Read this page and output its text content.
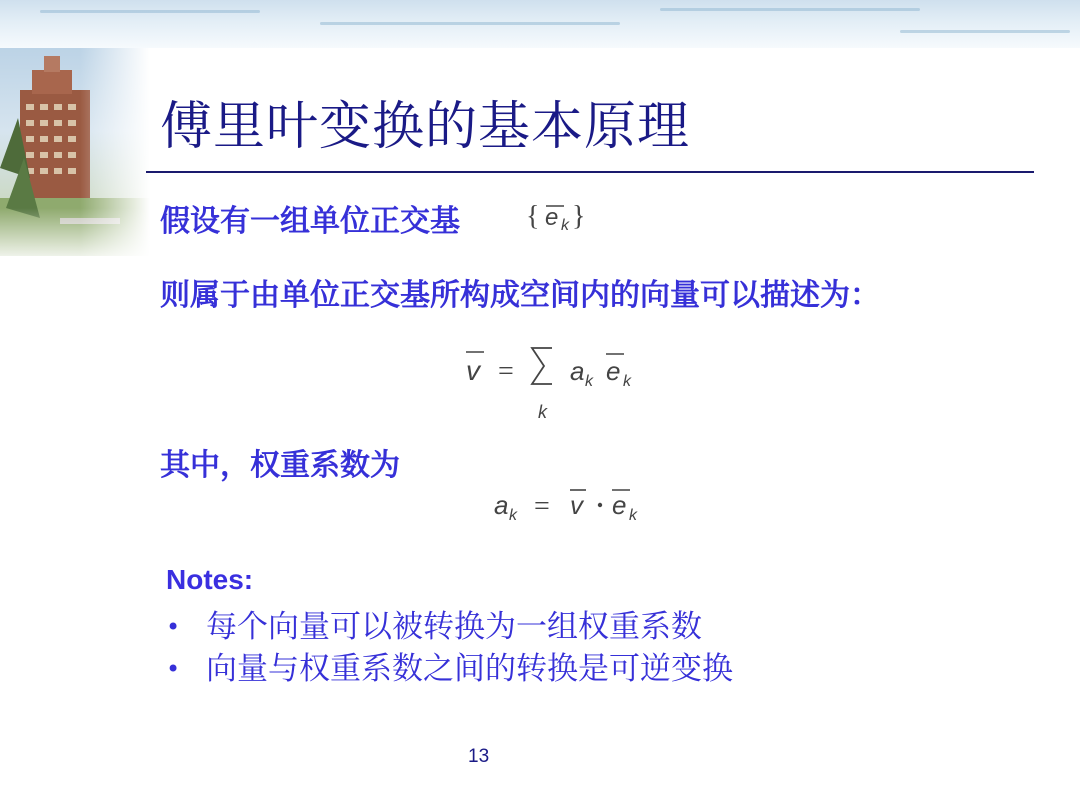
傅里叶变换的基本原理

假设有一组单位正交基 { e k }

则属于由单位正交基所构成空间内的向量可以描述为：

v =
k
a k e k

其中，权重系数为

a k = v e k

Notes:

• 每个向量可以被转换为一组权重系数
• 向量与权重系数之间的转换是可逆变换
13
